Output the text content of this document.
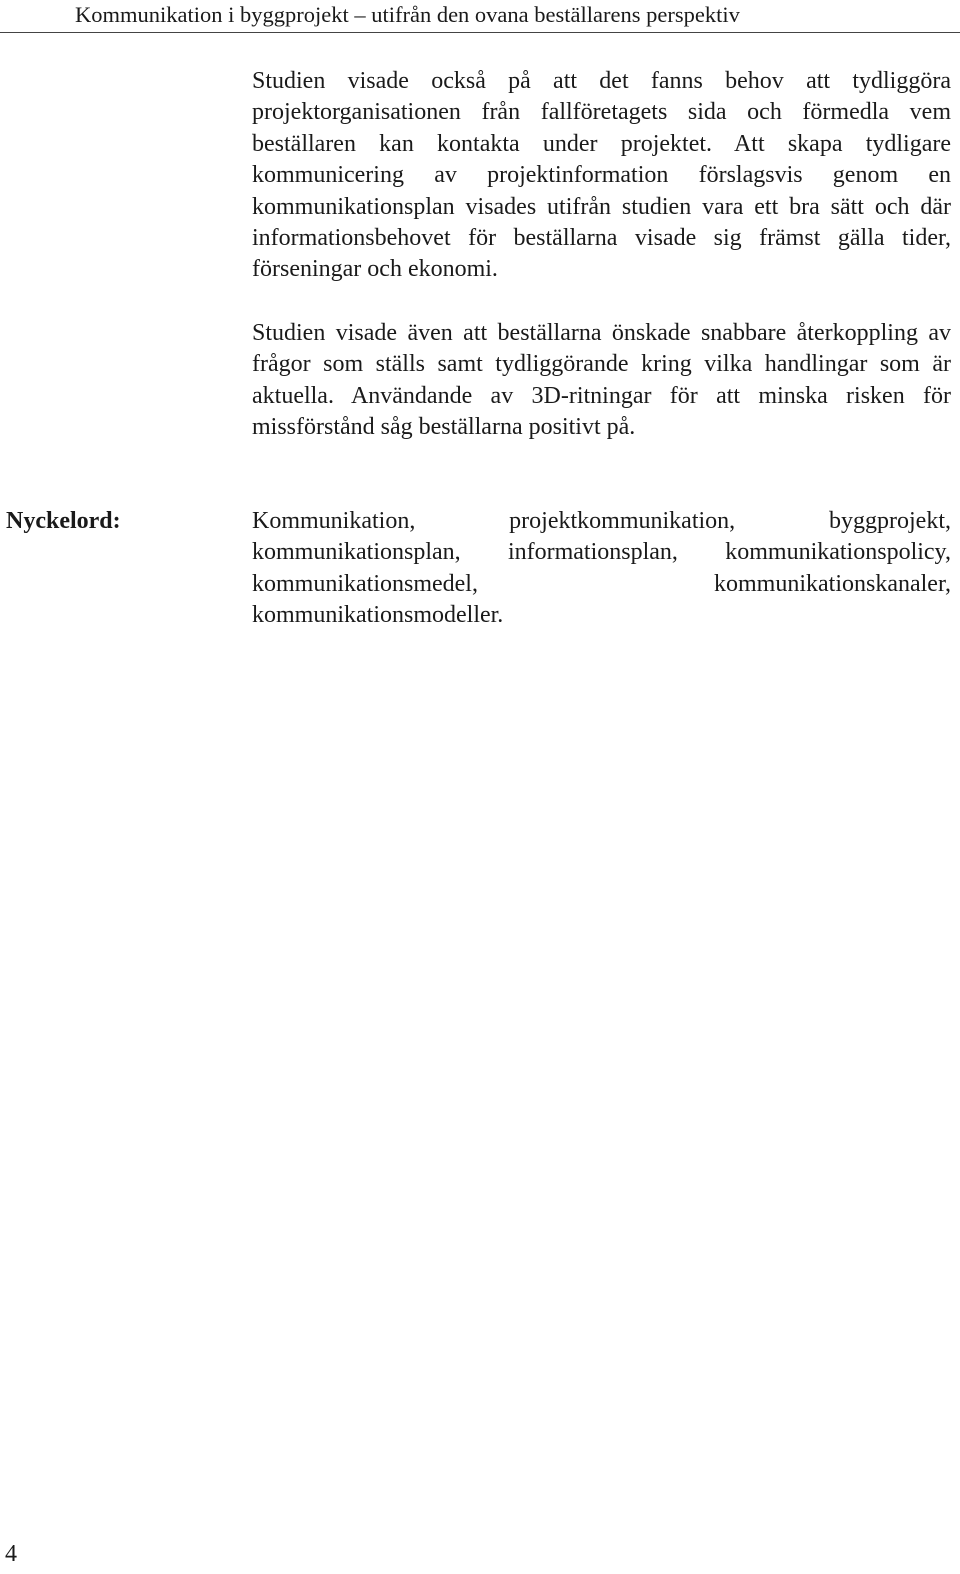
Kommunikation i byggprojekt – utifrån den ovana beställarens perspektiv

Studien visade också på att det fanns behov att tydliggöra projektorganisationen från fallföretagets sida och förmedla vem beställaren kan kontakta under projektet. Att skapa tydligare kommunicering av projektinformation förslagsvis genom en kommunikationsplan visades utifrån studien vara ett bra sätt och där informationsbehovet för beställarna visade sig främst gälla tider, förseningar och ekonomi.

Studien visade även att beställarna önskade snabbare återkoppling av frågor som ställs samt tydliggörande kring vilka handlingar som är aktuella. Användande av 3D-ritningar för att minska risken för missförstånd såg beställarna positivt på.

Nyckelord:	Kommunikation, projektkommunikation, byggprojekt, kommunikationsplan, informationsplan, kommunikationspolicy, kommunikationsmedel, kommunikationskanaler, kommunikationsmodeller.

4
